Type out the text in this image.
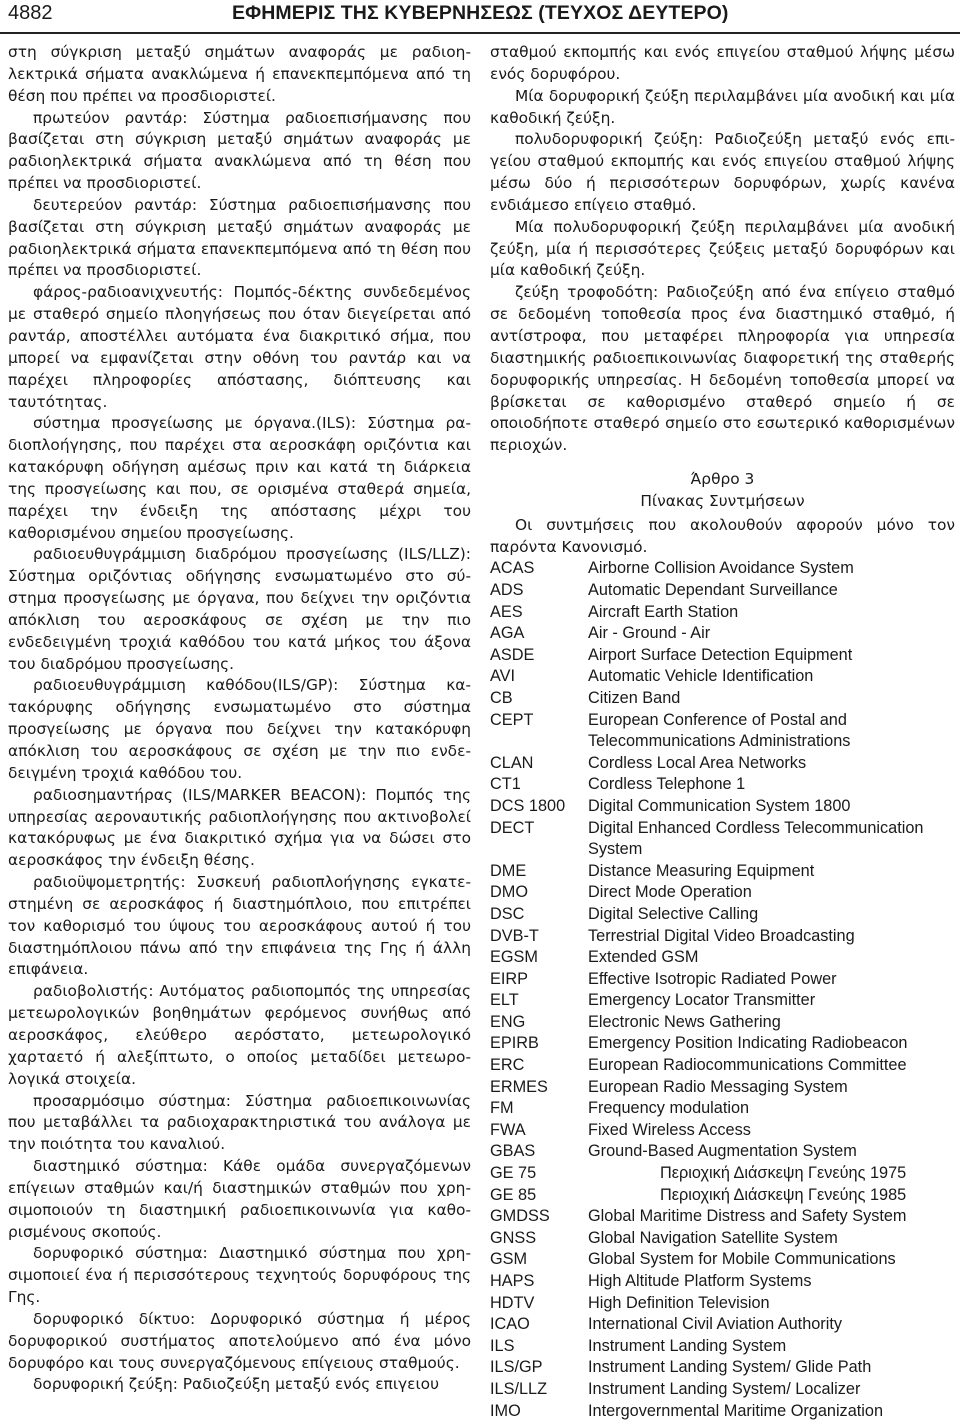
4882	ΕΦΗΜΕΡΙΣ ΤΗΣ ΚΥΒΕΡΝΗΣΕΩΣ (ΤΕΥΧΟΣ ΔΕΥΤΕΡΟ)

στη σύγκριση μεταξύ σημάτων αναφοράς με ραδιοηλεκτρικά σήματα ανακλώμενα ή επανεκπεμπόμενα από τη θέση που πρέπει να προσδιοριστεί.

πρωτεύον ραντάρ: Σύστημα ραδιοεπισήμανσης που βασίζεται στη σύγκριση μεταξύ σημάτων αναφοράς με ραδιοηλεκτρικά σήματα ανακλώμενα από τη θέση που πρέπει να προσδιοριστεί.

δευτερεύον ραντάρ: Σύστημα ραδιοεπισήμανσης που βασίζεται στη σύγκριση μεταξύ σημάτων αναφοράς με ραδιοηλεκτρικά σήματα επανεκπεμπόμενα από τη θέση που πρέπει να προσδιοριστεί.

φάρος-ραδιοανιχνευτής: Πομπός-δέκτης συνδεδεμένος με σταθερό σημείο πλοηγήσεως που όταν διεγείρεται από ραντάρ, αποστέλλει αυτόματα ένα διακριτικό σήμα, που μπορεί να εμφανίζεται στην οθόνη του ραντάρ και να παρέχει πληροφορίες απόστασης, διόπτευσης και ταυτότητας.

σύστημα προσγείωσης με όργανα.(ILS): Σύστημα ραδιοπλοήγησης, που παρέχει στα αεροσκάφη οριζόντια και κατακόρυφη οδήγηση αμέσως πριν και κατά τη διάρκεια της προσγείωσης και που, σε ορισμένα σταθερά σημεία, παρέχει την ένδειξη της απόστασης μέχρι του καθορισμένου σημείου προσγείωσης.

ραδιοευθυγράμμιση διαδρόμου προσγείωσης (ILS/LLZ): Σύστημα οριζόντιας οδήγησης ενσωματωμένο στο σύστημα προσγείωσης με όργανα, που δείχνει την οριζόντια απόκλιση του αεροσκάφους σε σχέση με την πιο ενδεδειγμένη τροχιά καθόδου του κατά μήκος του άξονα του διαδρόμου προσγείωσης.

ραδιοευθυγράμμιση καθόδου(ILS/GP): Σύστημα κατακόρυφης οδήγησης ενσωματωμένο στο σύστημα προσγείωσης με όργανα που δείχνει την κατακόρυφη απόκλιση του αεροσκάφους σε σχέση με την πιο ενδεδειγμένη τροχιά καθόδου του.

ραδιοσημαντήρας (ILS/MARKER BEACON): Πομπός της υπηρεσίας αεροναυτικής ραδιοπλοήγησης που ακτινοβολεί κατακόρυφως με ένα διακριτικό σχήμα για να δώσει στο αεροσκάφος την ένδειξη θέσης.

ραδιοϋψομετρητής: Συσκευή ραδιοπλοήγησης εγκατεστημένη σε αεροσκάφος ή διαστημόπλοιο, που επιτρέπει τον καθορισμό του ύψους του αεροσκάφους αυτού ή του διαστημόπλοιου πάνω από την επιφάνεια της Γης ή άλλη επιφάνεια.

ραδιοβολιστής: Αυτόματος ραδιοπομπός της υπηρεσίας μετεωρολογικών βοηθημάτων φερόμενος συνήθως από αεροσκάφος, ελεύθερο αερόστατο, μετεωρολογικό χαρταετό ή αλεξίπτωτο, ο οποίος μεταδίδει μετεωρολογικά στοιχεία.

προσαρμόσιμο σύστημα: Σύστημα ραδιοεπικοινωνίας που μεταβάλλει τα ραδιοχαρακτηριστικά του ανάλογα με την ποιότητα του καναλιού.

διαστημικό σύστημα: Κάθε ομάδα συνεργαζόμενων επίγειων σταθμών και/ή διαστημικών σταθμών που χρησιμοποιούν τη διαστημική ραδιοεπικοινωνία για καθορισμένους σκοπούς.

δορυφορικό σύστημα: Διαστημικό σύστημα που χρησιμοποιεί ένα ή περισσότερους τεχνητούς δορυφόρους της Γης.

δορυφορικό δίκτυο: Δορυφορικό σύστημα ή μέρος δορυφορικού συστήματος αποτελούμενο από ένα μόνο δορυφόρο και τους συνεργαζόμενους επίγειους σταθμούς.

δορυφορική ζεύξη: Ραδιοζεύξη μεταξύ ενός επιγειου

σταθμού εκπομπής και ενός επιγείου σταθμού λήψης μέσω ενός δορυφόρου.

Μία δορυφορική ζεύξη περιλαμβάνει μία ανοδική και μία καθοδική ζεύξη.

πολυδορυφορική ζεύξη: Ραδιοζεύξη μεταξύ ενός επιγείου σταθμού εκπομπής και ενός επιγείου σταθμού λήψης μέσω δύο ή περισσότερων δορυφόρων, χωρίς κανένα ενδιάμεσο επίγειο σταθμό.

Μία πολυδορυφορική ζεύξη περιλαμβάνει μία ανοδική ζεύξη, μία ή περισσότερες ζεύξεις μεταξύ δορυφόρων και μία καθοδική ζεύξη.

ζεύξη τροφοδότη: Ραδιοζεύξη από ένα επίγειο σταθμό σε δεδομένη τοποθεσία προς ένα διαστημικό σταθμό, ή αντίστροφα, που μεταφέρει πληροφορία για υπηρεσία διαστημικής ραδιοεπικοινωνίας διαφορετική της σταθερής δορυφορικής υπηρεσίας. Η δεδομένη τοποθεσία μπορεί να βρίσκεται σε καθορισμένο σταθερό σημείο ή σε οποιοδήποτε σταθερό σημείο στο εσωτερικό καθορισμένων περιοχών.

Άρθρο 3

Πίνακας Συντμήσεων

Οι συντμήσεις που ακολουθούν αφορούν μόνο τον παρόντα Κανονισμό.

ACAS	Airborne Collision Avoidance System
ADS	Automatic Dependant Surveillance
AES	Aircraft Earth Station
AGA	Air - Ground - Air
ASDE	Airport Surface Detection Equipment
AVI	Automatic Vehicle Identification
CB	Citizen Band
CEPT	European Conference of Postal and Telecommunications Administrations
CLAN	Cordless Local Area Networks
CT1	Cordless Telephone 1
DCS 1800	Digital Communication System 1800
DECT	Digital Enhanced Cordless Telecommunication System
DME	Distance Measuring Equipment
DMO	Direct Mode Operation
DSC	Digital Selective Calling
DVB-T	Terrestrial Digital Video Broadcasting
EGSM	Extended GSM
EIRP	Effective Isotropic Radiated Power
ELT	Emergency Locator Transmitter
ENG	Electronic News Gathering
EPIRB	Emergency Position Indicating Radiobeacon
ERC	European Radiocommunications Committee
ERMES	European Radio Messaging System
FM	Frequency modulation
FWA	Fixed Wireless Access
GBAS	Ground-Based Augmentation System
GE 75	Περιοχική Διάσκεψη Γενεύης 1975
GE 85	Περιοχική Διάσκεψη Γενεύης 1985
GMDSS	Global Maritime Distress and Safety System
GNSS	Global Navigation Satellite System
GSM	Global System for Mobile Communications
HAPS	High Altitude Platform Systems
HDTV	High Definition Television
ICAO	International Civil Aviation Authority
ILS	Instrument Landing System
ILS/GP	Instrument Landing System/ Glide Path
ILS/LLZ	Instrument Landing System/ Localizer
IMO	Intergovernmental Maritime Organization
